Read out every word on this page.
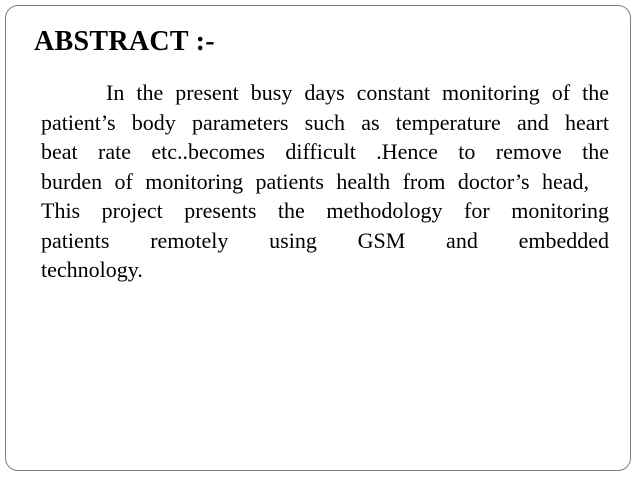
ABSTRACT :-
In the present busy days constant monitoring of the
patient’s body parameters such as temperature and heart
beat rate etc..becomes difficult .Hence to remove the
burden of monitoring patients health from doctor’s head,
This project presents the methodology for monitoring
patients remotely using GSM and embedded
technology.
